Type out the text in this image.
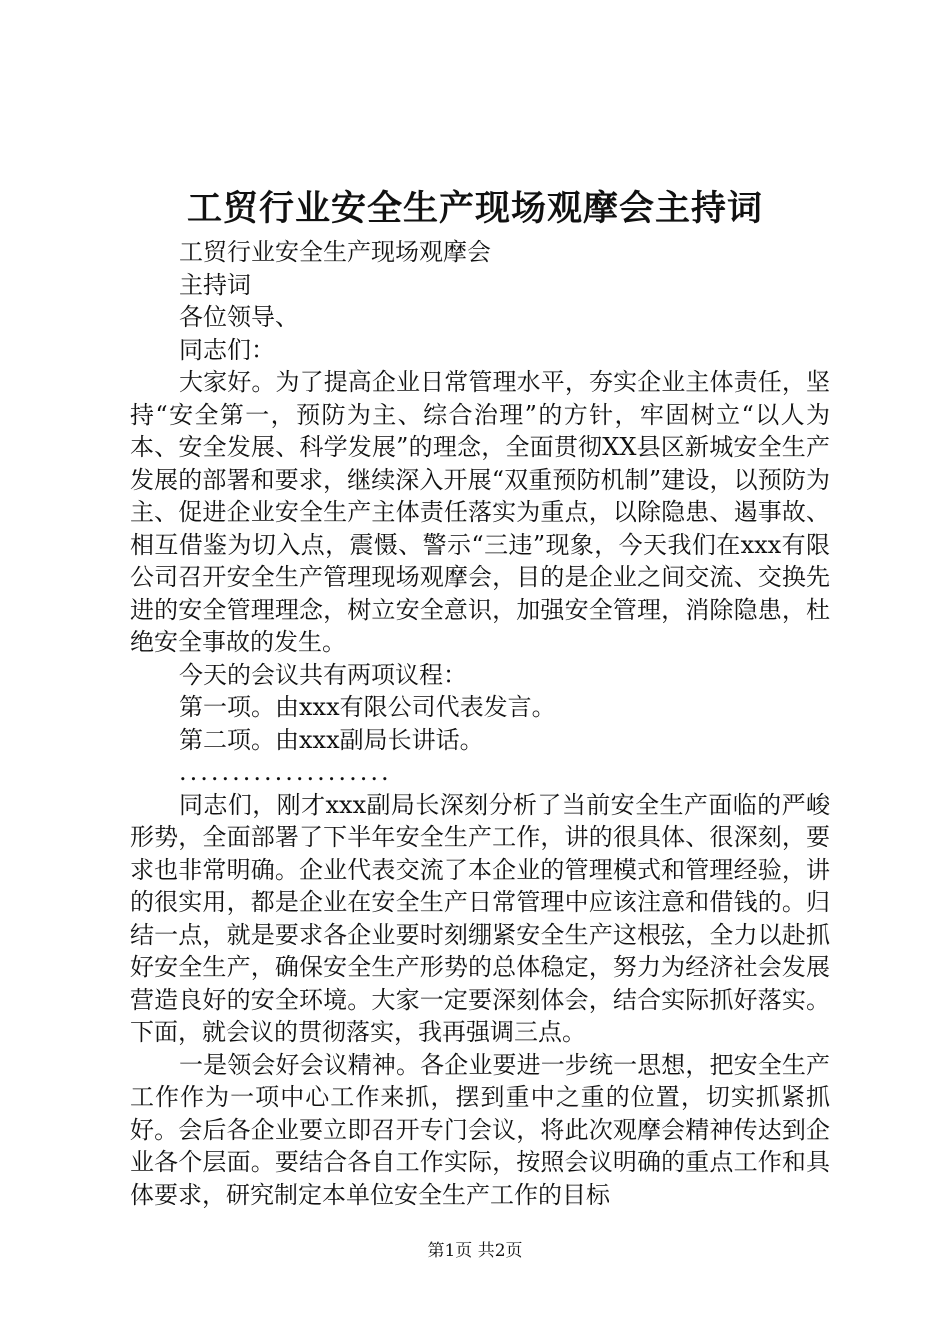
工贸行业安全生产现场观摩会主持词

工贸行业安全生产现场观摩会

主持词

各位领导、

同志们：

大家好。为了提高企业日常管理水平，夯实企业主体责任，坚持“安全第一，预防为主、综合治理”的方针，牢固树立“以人为本、安全发展、科学发展”的理念，全面贯彻XX县区新城安全生产发展的部署和要求，继续深入开展“双重预防机制”建设，以预防为主、促进企业安全生产主体责任落实为重点，以除隐患、遏事故、相互借鉴为切入点，震慑、警示“三违”现象，今天我们在xxx有限公司召开安全生产管理现场观摩会，目的是企业之间交流、交换先进的安全管理理念，树立安全意识，加强安全管理，消除隐患，杜绝安全事故的发生。

今天的会议共有两项议程：

第一项。由xxx有限公司代表发言。

第二项。由xxx副局长讲话。

....................

同志们，刚才xxx副局长深刻分析了当前安全生产面临的严峻形势，全面部署了下半年安全生产工作，讲的很具体、很深刻，要求也非常明确。企业代表交流了本企业的管理模式和管理经验，讲的很实用，都是企业在安全生产日常管理中应该注意和借钱的。归结一点，就是要求各企业要时刻绷紧安全生产这根弦，全力以赴抓好安全生产，确保安全生产形势的总体稳定，努力为经济社会发展营造良好的安全环境。大家一定要深刻体会，结合实际抓好落实。下面，就会议的贯彻落实，我再强调三点。

一是领会好会议精神。各企业要进一步统一思想，把安全生产工作作为一项中心工作来抓，摆到重中之重的位置，切实抓紧抓好。会后各企业要立即召开专门会议，将此次观摩会精神传达到企业各个层面。要结合各自工作实际，按照会议明确的重点工作和具体要求，研究制定本单位安全生产工作的目标

第1页 共2页
